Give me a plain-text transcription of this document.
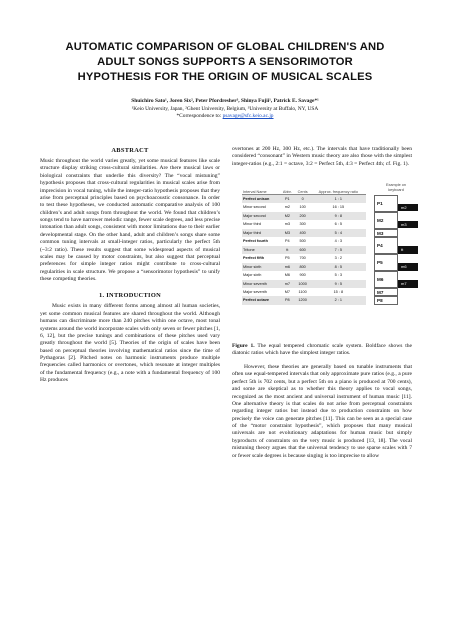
AUTOMATIC COMPARISON OF GLOBAL CHILDREN'S AND
ADULT SONGS SUPPORTS A SENSORIMOTOR
HYPOTHESIS FOR THE ORIGIN OF MUSICAL SCALES
Shuichiro Sato¹, Joren Six², Peter Pfordresher³, Shinya Fujii¹, Patrick E. Savage*¹
¹Keio University, Japan, ²Ghent University, Belgium, ³University at Buffalo, NY, USA
*Correspondence to: psavage@sfc.keio.ac.jp
ABSTRACT

Music throughout the world varies greatly, yet some musical features like scale structure display striking cross-cultural similarities. Are there musical laws or biological constraints that underlie this diversity? The “vocal mistuning” hypothesis proposes that cross-cultural regularities in musical scales arise from imprecision in vocal tuning, while the integer-ratio hypothesis proposes that they arise from perceptual principles based on psychoacoustic consonance. In order to test these hypotheses, we conducted automatic comparative analysis of 100 children’s and adult songs from throughout the world. We found that children’s songs tend to have narrower melodic range, fewer scale degrees, and less precise intonation than adult songs, consistent with motor limitations due to their earlier developmental stage. On the other hand, adult and children’s songs share some common tuning intervals at small-integer ratios, particularly the perfect 5th (~3:2 ratio). These results suggest that some widespread aspects of musical scales may be caused by motor constraints, but also suggest that perceptual preferences for simple integer ratios might contribute to cross-cultural regularities in scale structure. We propose a “sensorimotor hypothesis” to unify these competing theories.

1. INTRODUCTION

Music exists in many different forms among almost all human societies, yet some common musical features are shared throughout the world. Although humans can discriminate more than 240 pitches within one octave, most tonal systems around the world incorporate scales with only seven or fewer pitches [1, 6, 12], but the precise tunings and combinations of these pitches used vary greatly throughout the world [5]. Theories of the origin of scales have been based on perceptual theories involving mathematical ratios since the time of Pythagoras [2]. Pitched notes on harmonic instruments produce multiple frequencies called harmonics or overtones, which resonate at integer multiples of the fundamental frequency (e.g., a note with a fundamental frequency of 100 Hz produces

overtones at 200 Hz, 300 Hz, etc.). The intervals that have traditionally been considered “consonant” in Western music theory are also those with the simplest integer-ratios (e.g., 2:1 = octave, 3:2 = Perfect 5th, 4:3 = Perfect 4th; cf. Fig. 1).

Interval Name	Abbr.	Cents	Approx. frequency ratio
Perfect unison	P1	0	1 : 1
Minor second	m2	100	16 : 15
Major second	M2	200	9 : 8
Minor third	m3	300	6 : 5
Major third	M3	400	5 : 4
Perfect fourth	P4	500	4 : 3
Tritone	tt	600	7 : 5
Perfect fifth	P5	700	3 : 2
Minor sixth	m6	800	8 : 5
Major sixth	M6	900	5 : 3
Minor seventh	m7	1000	9 : 5
Major seventh	M7	1100	15 : 8
Perfect octave	P8	1200	2 : 1
Example on
keyboard
P1
M2
M3
P4
P5
M6
M7
P8
m2
m3
tt
m6
m7

Figure 1. The equal tempered chromatic scale system. Boldface shows the diatonic ratios which have the simplest integer ratios.

However, these theories are generally based on tunable instruments that often use equal-tempered intervals that only approximate pure ratios (e.g., a pure perfect 5th is 702 cents, but a perfect 5th on a piano is produced at 700 cents), and some are skeptical as to whether this theory applies to vocal songs, recognized as the most ancient and universal instrument of human music [11]. One alternative theory is that scales do not arise from perceptual constraints regarding integer ratios but instead due to production constraints on how precisely the voice can generate pitches [11]. This can be seen as a special case of the “motor constraint hypothesis”, which proposes that many musical universals are not evolutionary adaptations for human music but simply byproducts of constraints on the very music is produced [13, 18]. The vocal mistuning theory argues that the universal tendency to use sparse scales with 7 or fewer scale degrees is because singing is too imprecise to allow
